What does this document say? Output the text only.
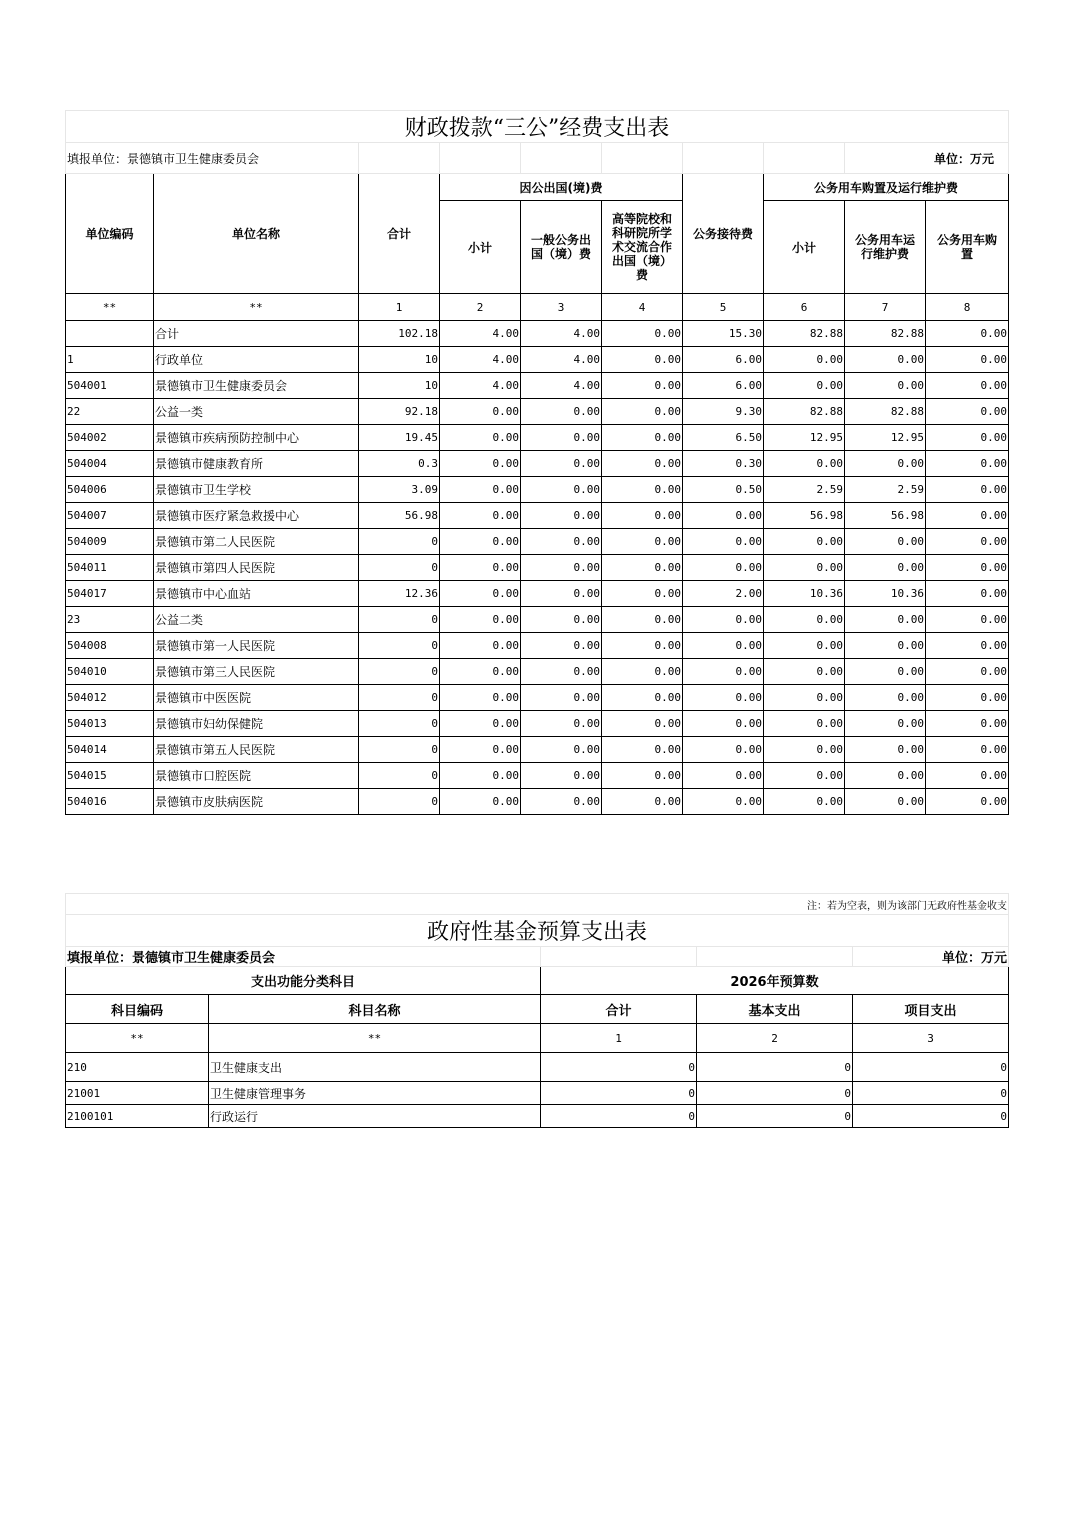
财政拨款“三公”经费支出表									
填报单位：景德镇市卫生健康委员会								单位：万元	
单位编码	单位名称	合计	因公出国(境)费			公务接待费	公务用车购置及运行维护费		
			小计	一般公务出国（境）费	高等院校和科研院所学术交流合作出国（境）费		小计	公务用车运行维护费	公务用车购置
**	**	1	2	3	4	5	6	7	8
	合计	102.18	4.00	4.00	0.00	15.30	82.88	82.88	0.00
1	行政单位	10	4.00	4.00	0.00	6.00	0.00	0.00	0.00
504001	景德镇市卫生健康委员会	10	4.00	4.00	0.00	6.00	0.00	0.00	0.00
22	公益一类	92.18	0.00	0.00	0.00	9.30	82.88	82.88	0.00
504002	景德镇市疾病预防控制中心	19.45	0.00	0.00	0.00	6.50	12.95	12.95	0.00
504004	景德镇市健康教育所	0.3	0.00	0.00	0.00	0.30	0.00	0.00	0.00
504006	景德镇市卫生学校	3.09	0.00	0.00	0.00	0.50	2.59	2.59	0.00
504007	景德镇市医疗紧急救援中心	56.98	0.00	0.00	0.00	0.00	56.98	56.98	0.00
504009	景德镇市第二人民医院	0	0.00	0.00	0.00	0.00	0.00	0.00	0.00
504011	景德镇市第四人民医院	0	0.00	0.00	0.00	0.00	0.00	0.00	0.00
504017	景德镇市中心血站	12.36	0.00	0.00	0.00	2.00	10.36	10.36	0.00
23	公益二类	0	0.00	0.00	0.00	0.00	0.00	0.00	0.00
504008	景德镇市第一人民医院	0	0.00	0.00	0.00	0.00	0.00	0.00	0.00
504010	景德镇市第三人民医院	0	0.00	0.00	0.00	0.00	0.00	0.00	0.00
504012	景德镇市中医医院	0	0.00	0.00	0.00	0.00	0.00	0.00	0.00
504013	景德镇市妇幼保健院	0	0.00	0.00	0.00	0.00	0.00	0.00	0.00
504014	景德镇市第五人民医院	0	0.00	0.00	0.00	0.00	0.00	0.00	0.00
504015	景德镇市口腔医院	0	0.00	0.00	0.00	0.00	0.00	0.00	0.00
504016	景德镇市皮肤病医院	0	0.00	0.00	0.00	0.00	0.00	0.00	0.00
注：若为空表，则为该部门无政府性基金收支				
政府性基金预算支出表				
填报单位：景德镇市卫生健康委员会				单位：万元
支出功能分类科目		2026年预算数		
科目编码	科目名称	合计	基本支出	项目支出
**	**	1	2	3
210	卫生健康支出	0	0	0
21001	卫生健康管理事务	0	0	0
2100101	行政运行	0	0	0
